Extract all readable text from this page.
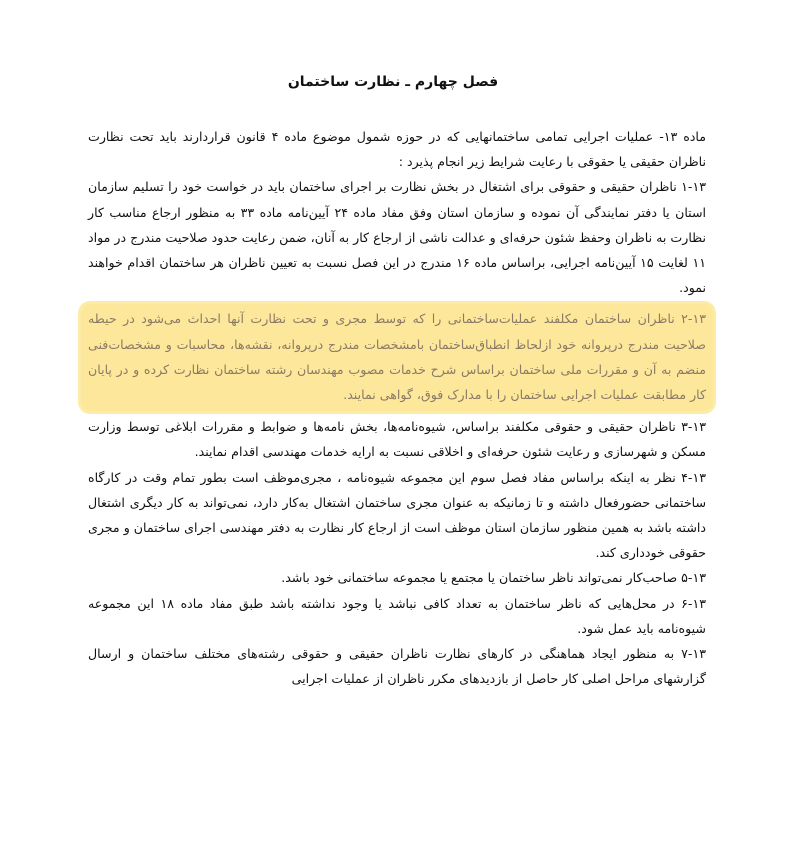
فصل چهارم ـ نظارت ساختمان

ماده ۱۳- عملیات اجرایی تمامی ساختمانهایی که در حوزه شمول موضوع ماده ۴ قانون قراردارند باید تحت نظارت ناظران حقیقی یا حقوقی با رعایت شرایط زیر انجام پذیرد :

۱-۱۳ ناظران حقیقی و حقوقی برای اشتغال در بخش نظارت بر اجرای ساختمان باید در خواست خود را تسلیم سازمان استان یا دفتر نمایندگی آن نموده و سازمان استان وفق مفاد ماده ۲۴ آیین‌نامه ماده ۳۳ به منظور ارجاع مناسب کار نظارت به ناظران وحفظ شئون حرفه‌ای و عدالت ناشی از ارجاع کار به آنان، ضمن رعایت حدود صلاحیت مندرج در مواد ۱۱ لغایت ۱۵ آیین‌نامه اجرایی، براساس ماده ۱۶ مندرج در این فصل نسبت به تعیین ناظران هر ساختمان اقدام خواهند نمود.

۲-۱۳ ناظران ساختمان مکلفند عملیات‌ساختمانی را که توسط مجری و تحت نظارت آنها احداث می‌شود در حیطه صلاحیت مندرج درپروانه خود ازلحاظ انطباق‌ساختمان بامشخصات مندرج درپروانه، نقشه‌ها، محاسبات و مشخصات‌فنی منضم به آن و مقررات ملی ساختمان براساس شرح خدمات مصوب مهندسان رشته ساختمان نظارت کرده و در پایان کار مطابقت عملیات اجرایی ساختمان را با مدارک فوق، گواهی نمایند.

۳-۱۳ ناظران حقیقی و حقوقی مکلفند براساس، شیوه‌نامه‌ها، بخش نامه‌ها و ضوابط و مقررات ابلاغی توسط وزارت مسکن و شهرسازی و رعایت شئون حرفه‌ای و اخلاقی نسبت به ارایه خدمات مهندسی اقدام نمایند.

۴-۱۳ نظر به اینکه براساس مفاد فصل سوم این مجموعه شیوه‌نامه ، مجری‌موظف است بطور تمام وقت در کارگاه ساختمانی حضورفعال داشته و تا زمانیکه به عنوان مجری ساختمان اشتغال به‌کار دارد، نمی‌تواند به کار دیگری اشتغال داشته باشد به همین منظور سازمان استان موظف است از ارجاع کار نظارت به دفتر مهندسی اجرای ساختمان و مجری حقوقی خودداری کند.

۵-۱۳ صاحب‌کار نمی‌تواند ناظر ساختمان یا مجتمع یا مجموعه ساختمانی خود باشد.

۶-۱۳ در محل‌هایی که ناظر ساختمان به تعداد کافی نباشد یا وجود نداشته باشد طبق مفاد ماده ۱۸ این مجموعه شیوه‌نامه باید عمل شود.

۷-۱۳ به منظور ایجاد هماهنگی در کارهای نظارت ناظران حقیقی و حقوقی رشته‌های مختلف ساختمان و ارسال گزارشهای مراحل اصلی کار حاصل از بازدیدهای مکرر ناظران از عملیات اجرایی
